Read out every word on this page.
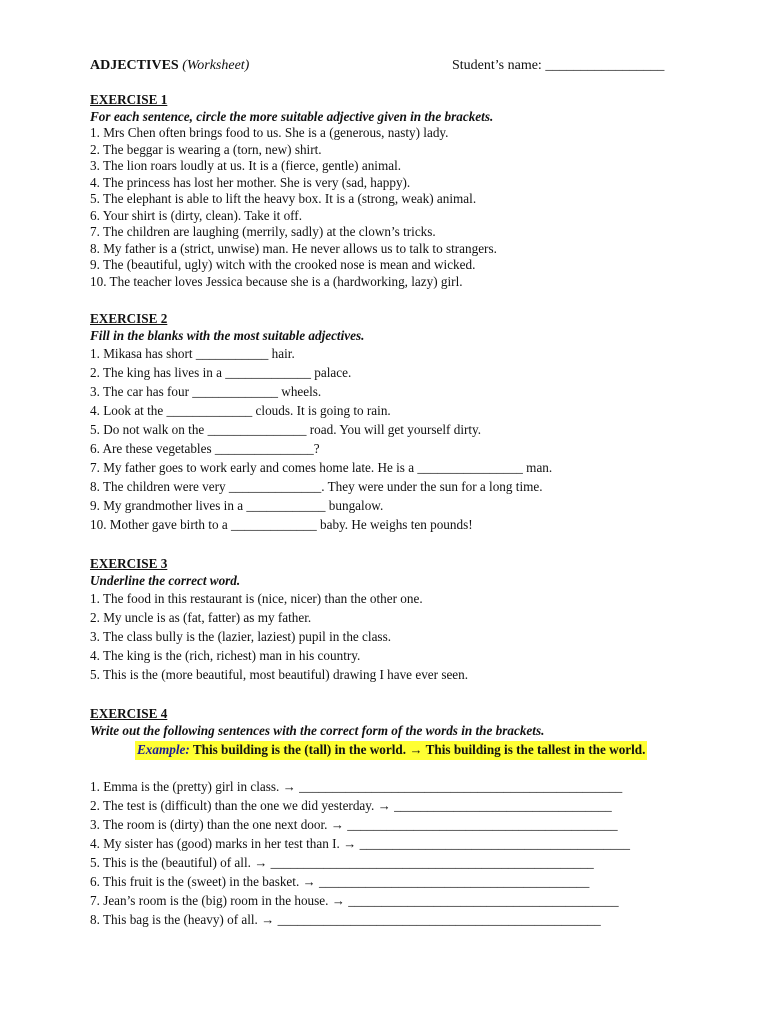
ADJECTIVES (Worksheet)	Student’s name: _________________
EXERCISE 1
For each sentence, circle the more suitable adjective given in the brackets.
1. Mrs Chen often brings food to us. She is a (generous, nasty) lady.
2. The beggar is wearing a (torn, new) shirt.
3. The lion roars loudly at us. It is a (fierce, gentle) animal.
4. The princess has lost her mother. She is very (sad, happy).
5. The elephant is able to lift the heavy box. It is a (strong, weak) animal.
6. Your shirt is (dirty, clean). Take it off.
7. The children are laughing (merrily, sadly) at the clown’s tricks.
8. My father is a (strict, unwise) man. He never allows us to talk to strangers.
9. The (beautiful, ugly) witch with the crooked nose is mean and wicked.
10. The teacher loves Jessica because she is a (hardworking, lazy) girl.
EXERCISE 2
Fill in the blanks with the most suitable adjectives.
1. Mikasa has short ___________ hair.
2. The king has lives in a _____________ palace.
3. The car has four _____________ wheels.
4. Look at the _____________ clouds. It is going to rain.
5. Do not walk on the _______________ road. You will get yourself dirty.
6. Are these vegetables _______________?
7. My father goes to work early and comes home late. He is a ________________ man.
8. The children were very ______________. They were under the sun for a long time.
9. My grandmother lives in a ____________ bungalow.
10. Mother gave birth to a _____________ baby. He weighs ten pounds!
EXERCISE 3
Underline the correct word.
1. The food in this restaurant is (nice, nicer) than the other one.
2. My uncle is as (fat, fatter) as my father.
3. The class bully is the (lazier, laziest) pupil in the class.
4. The king is the (rich, richest) man in his country.
5. This is the (more beautiful, most beautiful) drawing I have ever seen.
EXERCISE 4
Write out the following sentences with the correct form of the words in the brackets.
Example: This building is the (tall) in the world. → This building is the tallest in the world.
1. Emma is the (pretty) girl in class. → _________________________________________________
2. The test is (difficult) than the one we did yesterday. → _________________________________
3. The room is (dirty) than the one next door. → _________________________________________
4. My sister has (good) marks in her test than I. → _________________________________________
5. This is the (beautiful) of all. → _________________________________________________
6. This fruit is the (sweet) in the basket. → _________________________________________
7. Jean’s room is the (big) room in the house. → _________________________________________
8. This bag is the (heavy) of all. → _________________________________________________
